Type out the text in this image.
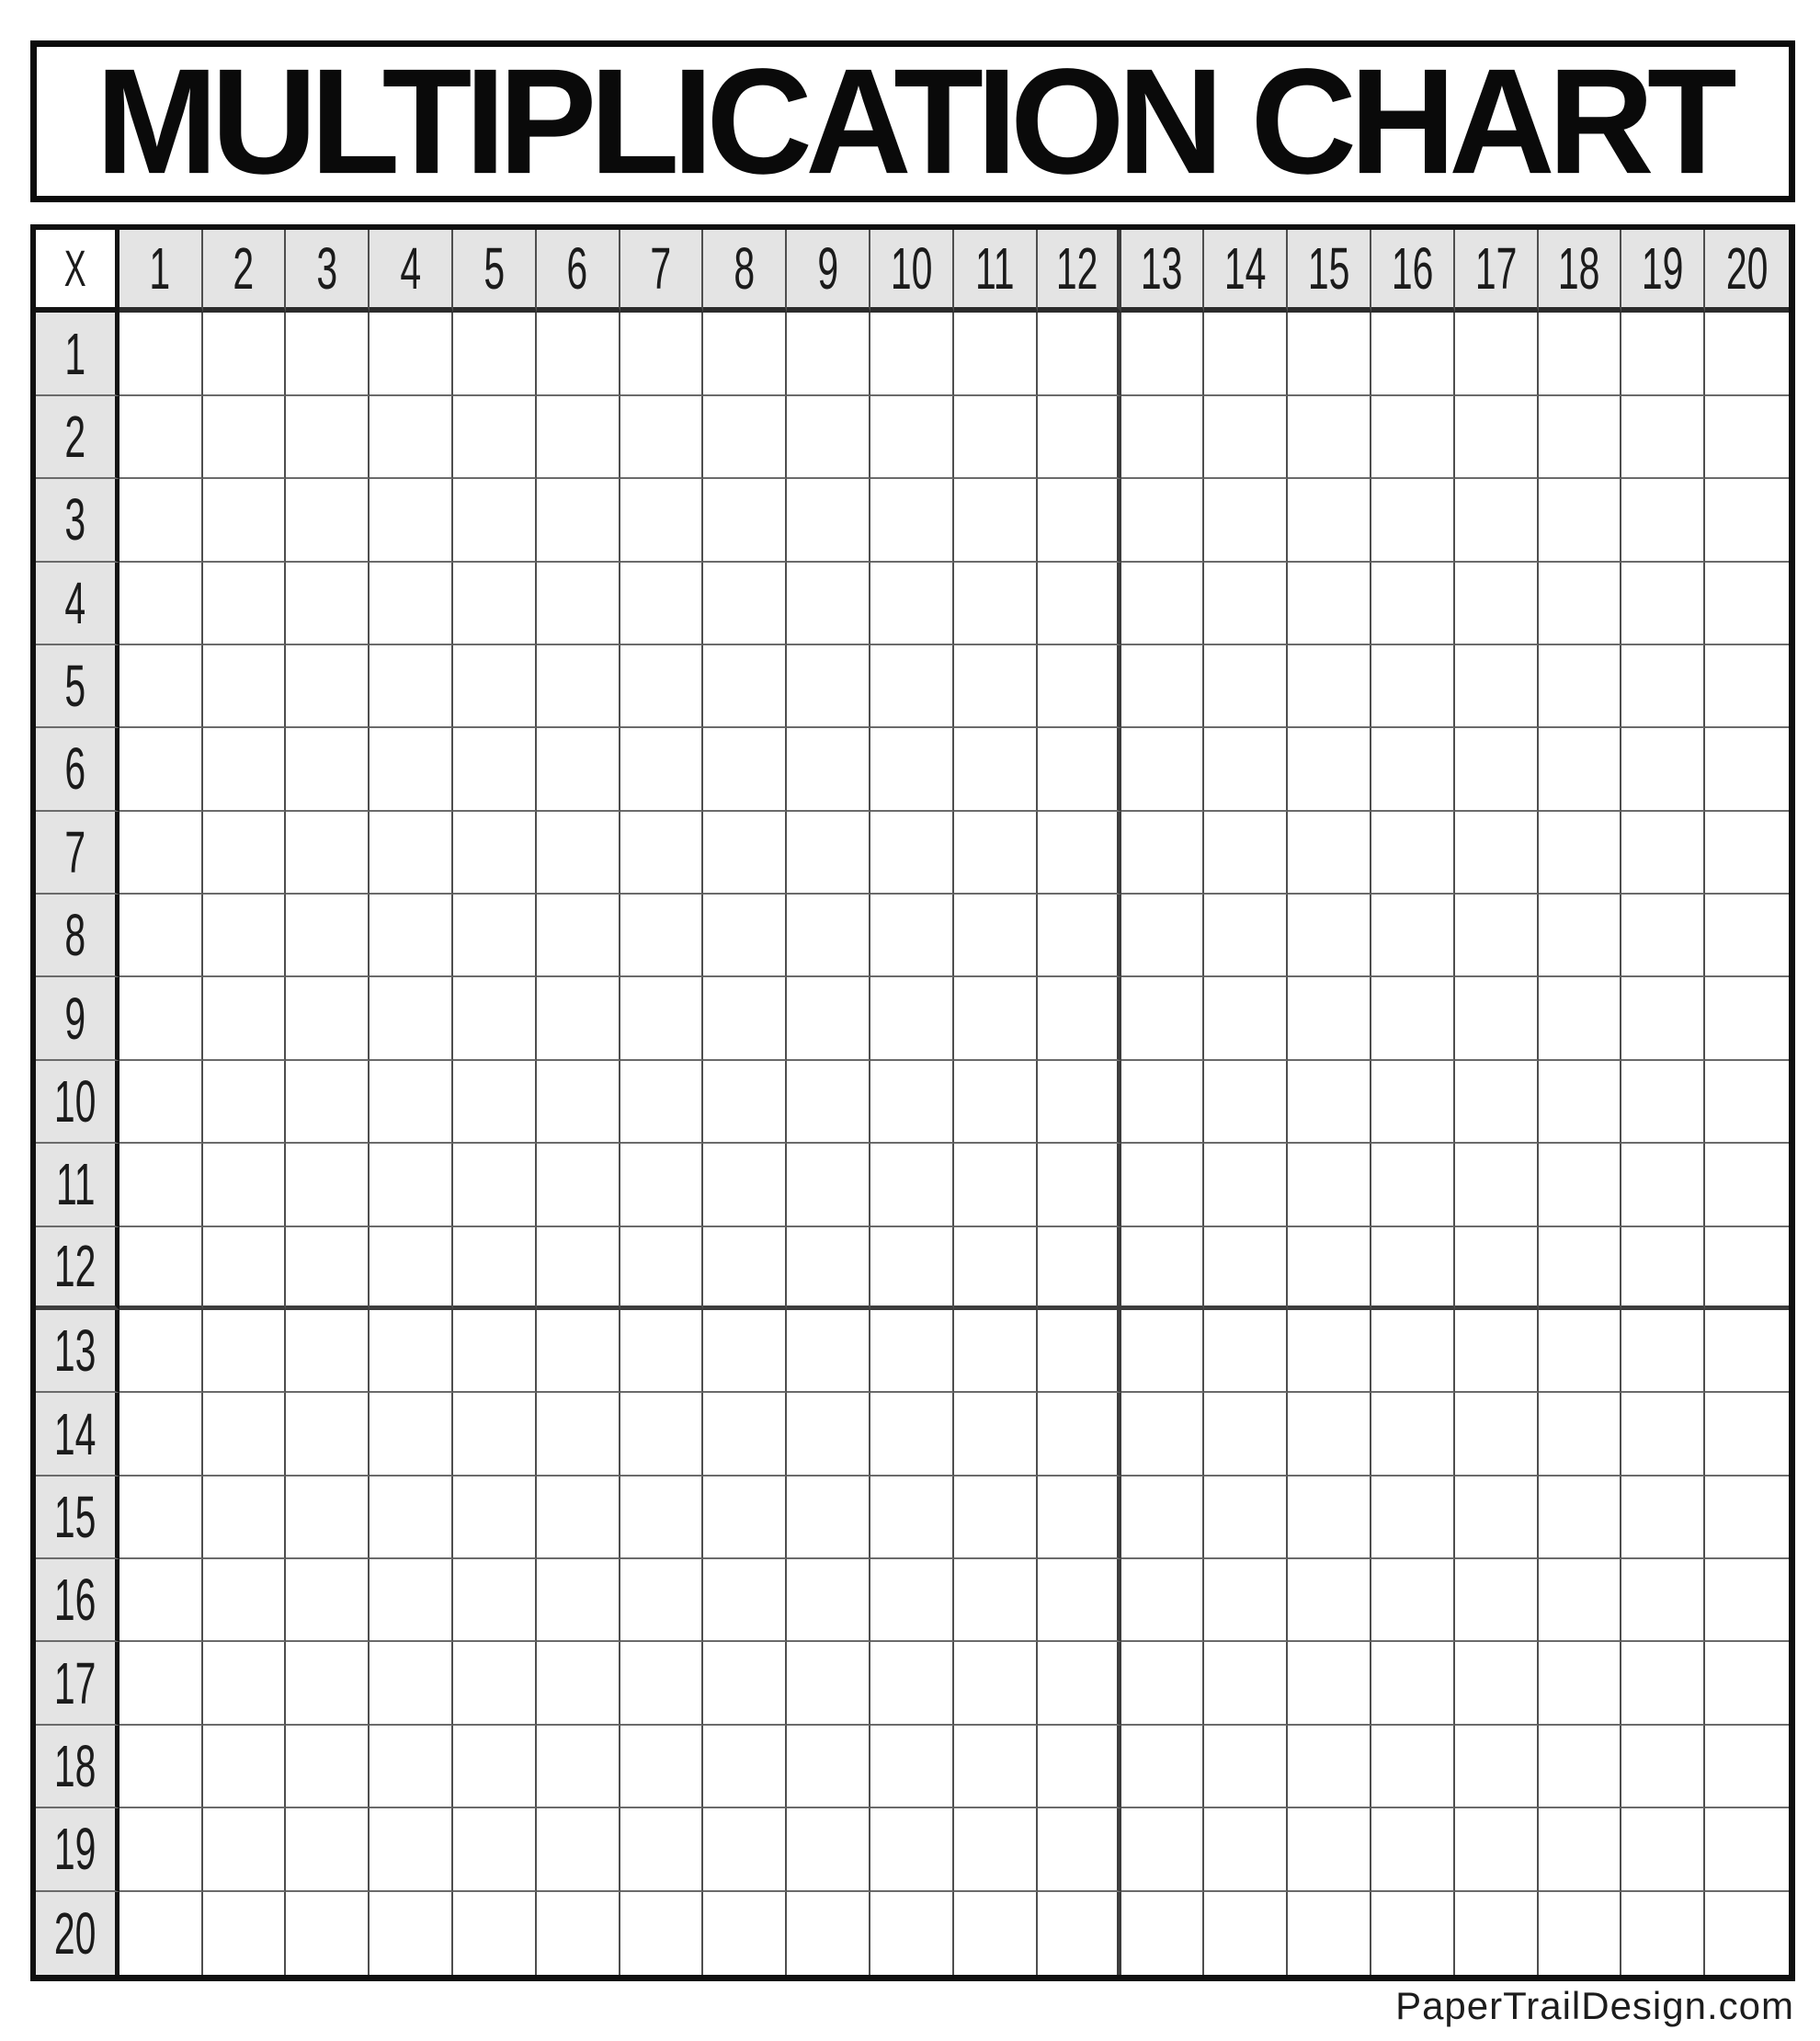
MULTIPLICATION CHART
X 1 2 3 4 5 6 7 8 9 10 11 12 13 14 15 16 17 18 19 20
1
2
3
4
5
6
7
8
9
10
11
12
13
14
15
16
17
18
19
20
PaperTrailDesign.com
